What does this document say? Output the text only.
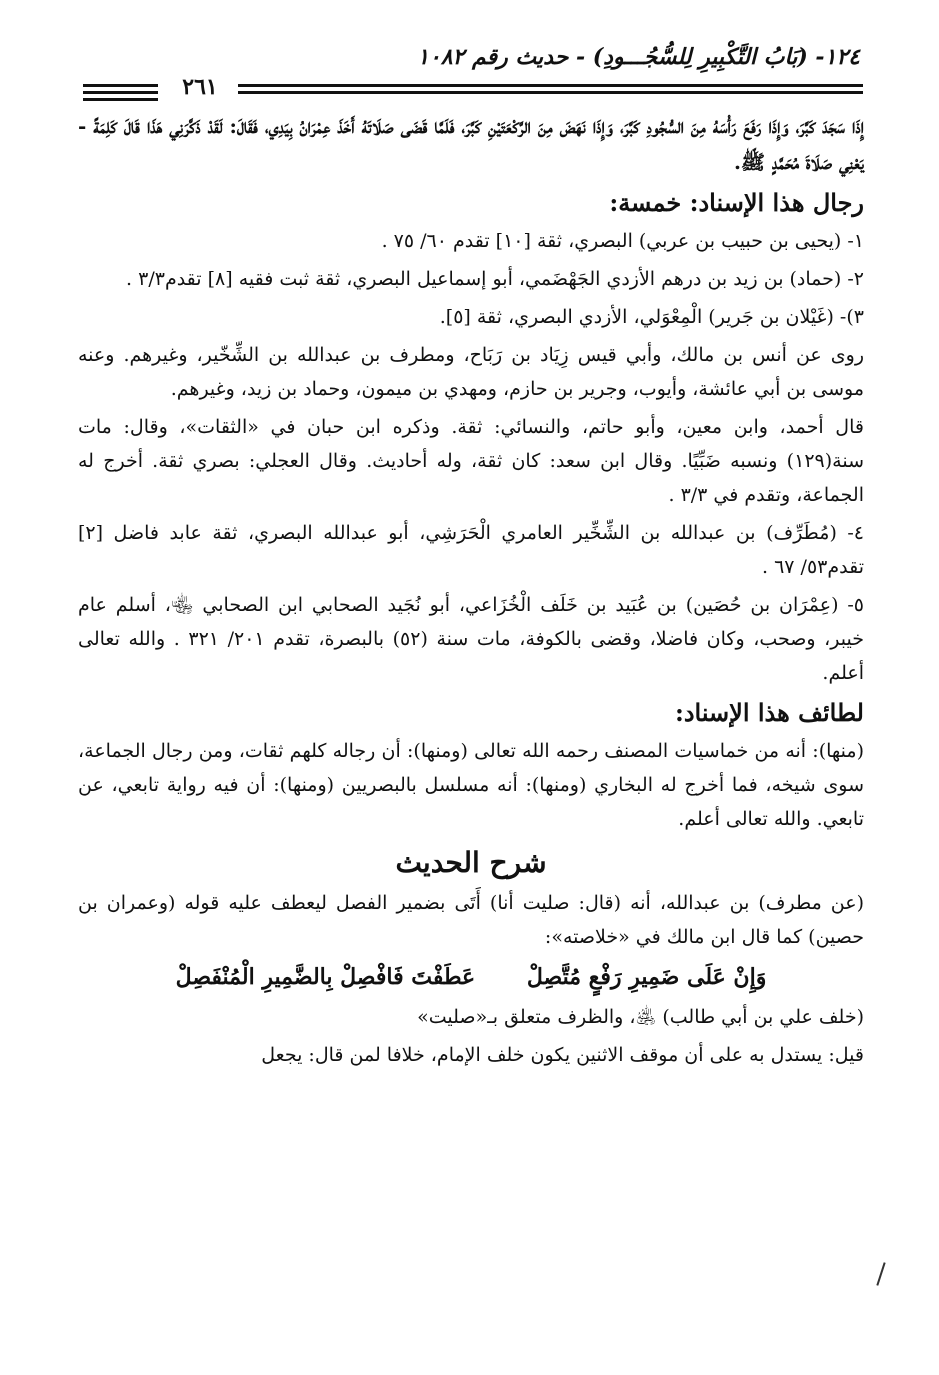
١٢٤- (بَابُ التَّكْبِيرِ لِلسُّجُـــودِ) - حديث رقم ١٠٨٢
٢٦١

إِذَا سَجَدَ كَبَّرَ، وَإِذَا رَفَعَ رَأْسَهُ مِنَ السُّجُودِ كَبَّرَ، وَإِذَا نَهَضَ مِنَ الرَّكْعَتَيْنِ كَبَّرَ، فَلَمَّا قَضَى صَلَاتَهُ أَخَذَ عِمْرَانُ بِيَدِي، فَقَالَ: لَقَدْ ذَكَّرَنِي هَذَا قَالَ كَلِمَةً - يَعْنِي صَلَاةَ مُحَمَّدٍ ﷺ.

رجال هذا الإسناد: خمسة:

١- (يحيى بن حبيب بن عربي) البصري، ثقة [١٠] تقدم ٦٠/ ٧٥ .

٢- (حماد) بن زيد بن درهم الأزدي الجَهْضَمي، أبو إسماعيل البصري، ثقة ثبت فقيه [٨] تقدم٣/٣ .

٣)- (غَيْلان بن جَرير) الْمِعْوَلي، الأزدي البصري، ثقة [٥].

روى عن أنس بن مالك، وأبي قيس زِيَاد بن رَبَاح، ومطرف بن عبدالله بن الشِّخّير، وغيرهم. وعنه موسى بن أبي عائشة، وأيوب، وجرير بن حازم، ومهدي بن ميمون، وحماد بن زيد، وغيرهم.

قال أحمد، وابن معين، وأبو حاتم، والنسائي: ثقة. وذكره ابن حبان في «الثقات»، وقال: مات سنة(١٢٩) ونسبه ضَبِّيًا. وقال ابن سعد: كان ثقة، وله أحاديث. وقال العجلي: بصري ثقة. أخرج له الجماعة، وتقدم في ٣/٣ .

٤- (مُطَرِّف) بن عبدالله بن الشِّخِّير العامري الْحَرَشِي، أبو عبدالله البصري، ثقة عابد فاضل [٢] تقدم٥٣/ ٦٧ .

٥- (عِمْرَان بن حُصَين) بن عُبَيد بن خَلَف الْخُزَاعي، أبو نُجَيد الصحابي ابن الصحابي ﵄، أسلم عام خيبر، وصحب، وكان فاضلا، وقضى بالكوفة، مات سنة (٥٢) بالبصرة، تقدم ٢٠١/ ٣٢١ . والله تعالى أعلم.

لطائف هذا الإسناد:

(منها): أنه من خماسيات المصنف رحمه الله تعالى (ومنها): أن رجاله كلهم ثقات، ومن رجال الجماعة، سوى شيخه، فما أخرج له البخاري (ومنها): أنه مسلسل بالبصريين (ومنها): أن فيه رواية تابعي، عن تابعي. والله تعالى أعلم.

شرح الحديث

(عن مطرف) بن عبدالله، أنه (قال: صليت أنا) أَتَى بضمير الفصل ليعطف عليه قوله (وعمران بن حصين) كما قال ابن مالك في «خلاصته»:

وَإِنْ عَلَى ضَمِيرِ رَفْعٍ مُتَّصِلْ عَطَفْتَ فَافْصِلْ بِالضَّمِيرِ الْمُنْفَصِلْ

(خلف علي بن أبي طالب) ﵁، والظرف متعلق بـ«صليت»

قيل: يستدل به على أن موقف الاثنين يكون خلف الإمام، خلافا لمن قال: يجعل
